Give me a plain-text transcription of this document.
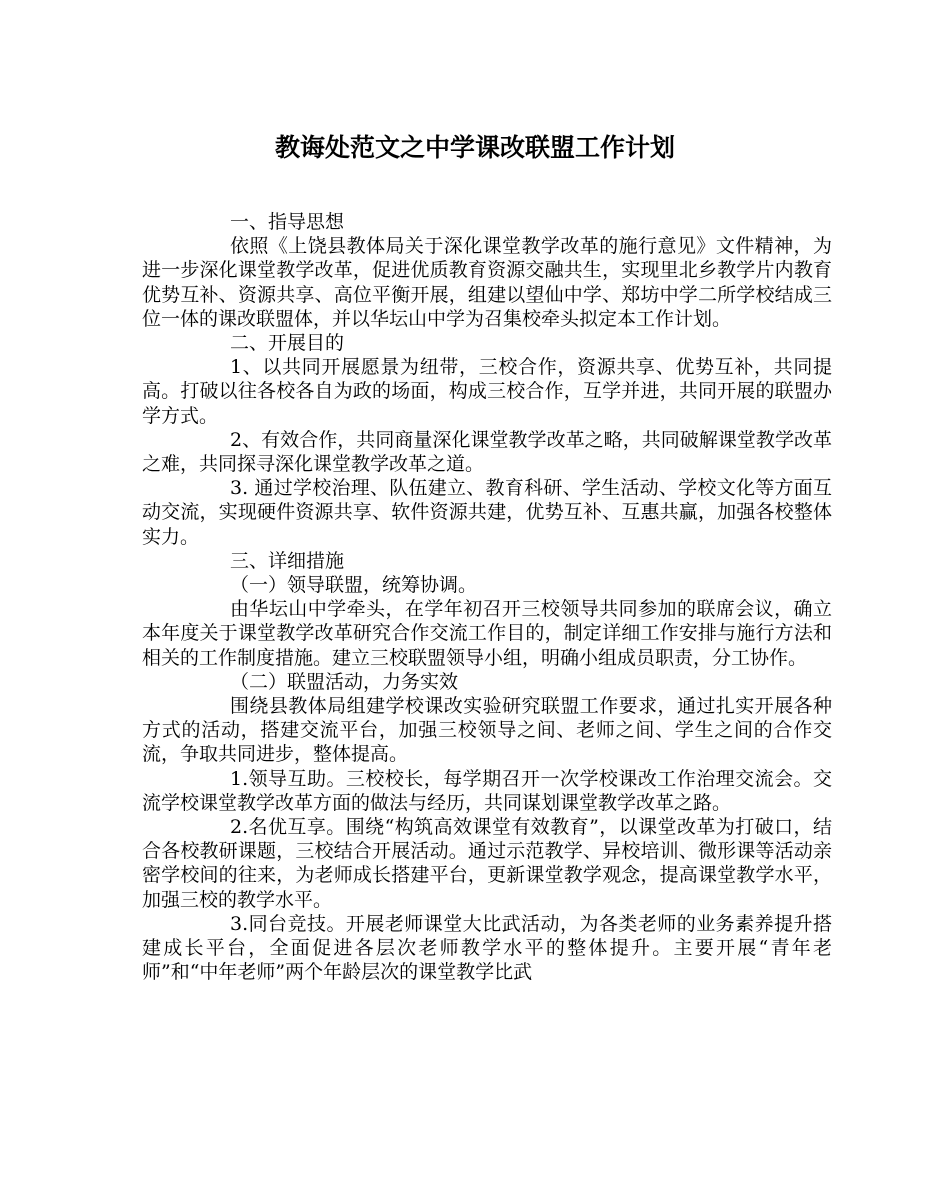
教诲处范文之中学课改联盟工作计划

一、指导思想

依照《上饶县教体局关于深化课堂教学改革的施行意见》文件精神，为进一步深化课堂教学改革，促进优质教育资源交融共生，实现里北乡教学片内教育优势互补、资源共享、高位平衡开展，组建以望仙中学、郑坊中学二所学校结成三位一体的课改联盟体，并以华坛山中学为召集校牵头拟定本工作计划。

二、开展目的

1、以共同开展愿景为纽带，三校合作，资源共享、优势互补，共同提高。打破以往各校各自为政的场面，构成三校合作，互学并进，共同开展的联盟办学方式。

2、有效合作，共同商量深化课堂教学改革之略，共同破解课堂教学改革之难，共同探寻深化课堂教学改革之道。

3. 通过学校治理、队伍建立、教育科研、学生活动、学校文化等方面互动交流，实现硬件资源共享、软件资源共建，优势互补、互惠共赢，加强各校整体实力。

三、详细措施

（一）领导联盟，统筹协调。

由华坛山中学牵头，在学年初召开三校领导共同参加的联席会议，确立本年度关于课堂教学改革研究合作交流工作目的，制定详细工作安排与施行方法和相关的工作制度措施。建立三校联盟领导小组，明确小组成员职责，分工协作。

（二）联盟活动，力务实效

围绕县教体局组建学校课改实验研究联盟工作要求，通过扎实开展各种方式的活动，搭建交流平台，加强三校领导之间、老师之间、学生之间的合作交流，争取共同进步，整体提高。

1.领导互助。三校校长，每学期召开一次学校课改工作治理交流会。交流学校课堂教学改革方面的做法与经历，共同谋划课堂教学改革之路。

2.名优互享。围绕“构筑高效课堂有效教育”，以课堂改革为打破口，结合各校教研课题，三校结合开展活动。通过示范教学、异校培训、微形课等活动亲密学校间的往来，为老师成长搭建平台，更新课堂教学观念，提高课堂教学水平，加强三校的教学水平。

3.同台竞技。开展老师课堂大比武活动，为各类老师的业务素养提升搭建成长平台，全面促进各层次老师教学水平的整体提升。主要开展“青年老师”和“中年老师”两个年龄层次的课堂教学比武
